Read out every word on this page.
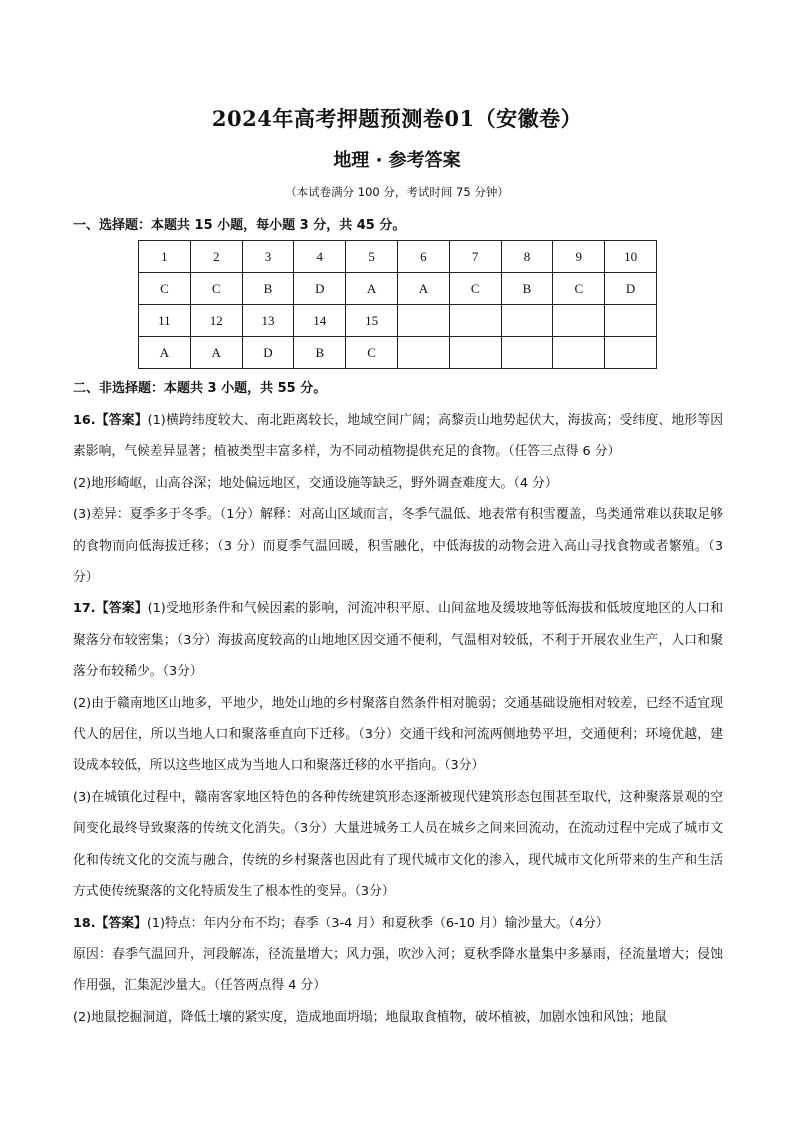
2024年高考押题预测卷01（安徽卷）
地理 · 参考答案
（本试卷满分 100 分，考试时间 75 分钟）
一、选择题：本题共 15 小题，每小题 3 分，共 45 分。
1	2	3	4	5	6	7	8	9	10
C	C	B	D	A	A	C	B	C	D
11	12	13	14	15					
A	A	D	B	C					
二、非选择题：本题共 3 小题，共 55 分。

16.【答案】(1)横跨纬度较大、南北距离较长，地域空间广阔；高黎贡山地势起伏大，海拔高；受纬度、地形等因素影响，气候差异显著；植被类型丰富多样，为不同动植物提供充足的食物。（任答三点得 6 分）

(2)地形崎岖，山高谷深；地处偏远地区，交通设施等缺乏，野外调查难度大。（4 分）

(3)差异：夏季多于冬季。（1分）解释：对高山区域而言，冬季气温低、地表常有积雪覆盖，鸟类通常难以获取足够的食物而向低海拔迁移；（3 分）而夏季气温回暖，积雪融化，中低海拔的动物会进入高山寻找食物或者繁殖。（3分）

17.【答案】(1)受地形条件和气候因素的影响，河流冲积平原、山间盆地及缓坡地等低海拔和低坡度地区的人口和聚落分布较密集；（3分）海拔高度较高的山地地区因交通不便利，气温相对较低，不利于开展农业生产，人口和聚落分布较稀少。（3分）

(2)由于赣南地区山地多，平地少，地处山地的乡村聚落自然条件相对脆弱；交通基础设施相对较差，已经不适宜现代人的居住，所以当地人口和聚落垂直向下迁移。（3分）交通干线和河流两侧地势平坦，交通便利；环境优越，建设成本较低，所以这些地区成为当地人口和聚落迁移的水平指向。（3分）

(3)在城镇化过程中，赣南客家地区特色的各种传统建筑形态逐渐被现代建筑形态包围甚至取代，这种聚落景观的空间变化最终导致聚落的传统文化消失。（3分）大量进城务工人员在城乡之间来回流动，在流动过程中完成了城市文化和传统文化的交流与融合，传统的乡村聚落也因此有了现代城市文化的渗入，现代城市文化所带来的生产和生活方式使传统聚落的文化特质发生了根本性的变异。（3分）

18.【答案】(1)特点：年内分布不均；春季（3-4 月）和夏秋季（6-10 月）输沙量大。（4分）

原因：春季气温回升，河段解冻，径流量增大；风力强，吹沙入河；夏秋季降水量集中多暴雨，径流量增大；侵蚀作用强，汇集泥沙量大。（任答两点得 4 分）

(2)地鼠挖掘洞道，降低土壤的紧实度，造成地面坍塌；地鼠取食植物，破坏植被，加剧水蚀和风蚀；地鼠
